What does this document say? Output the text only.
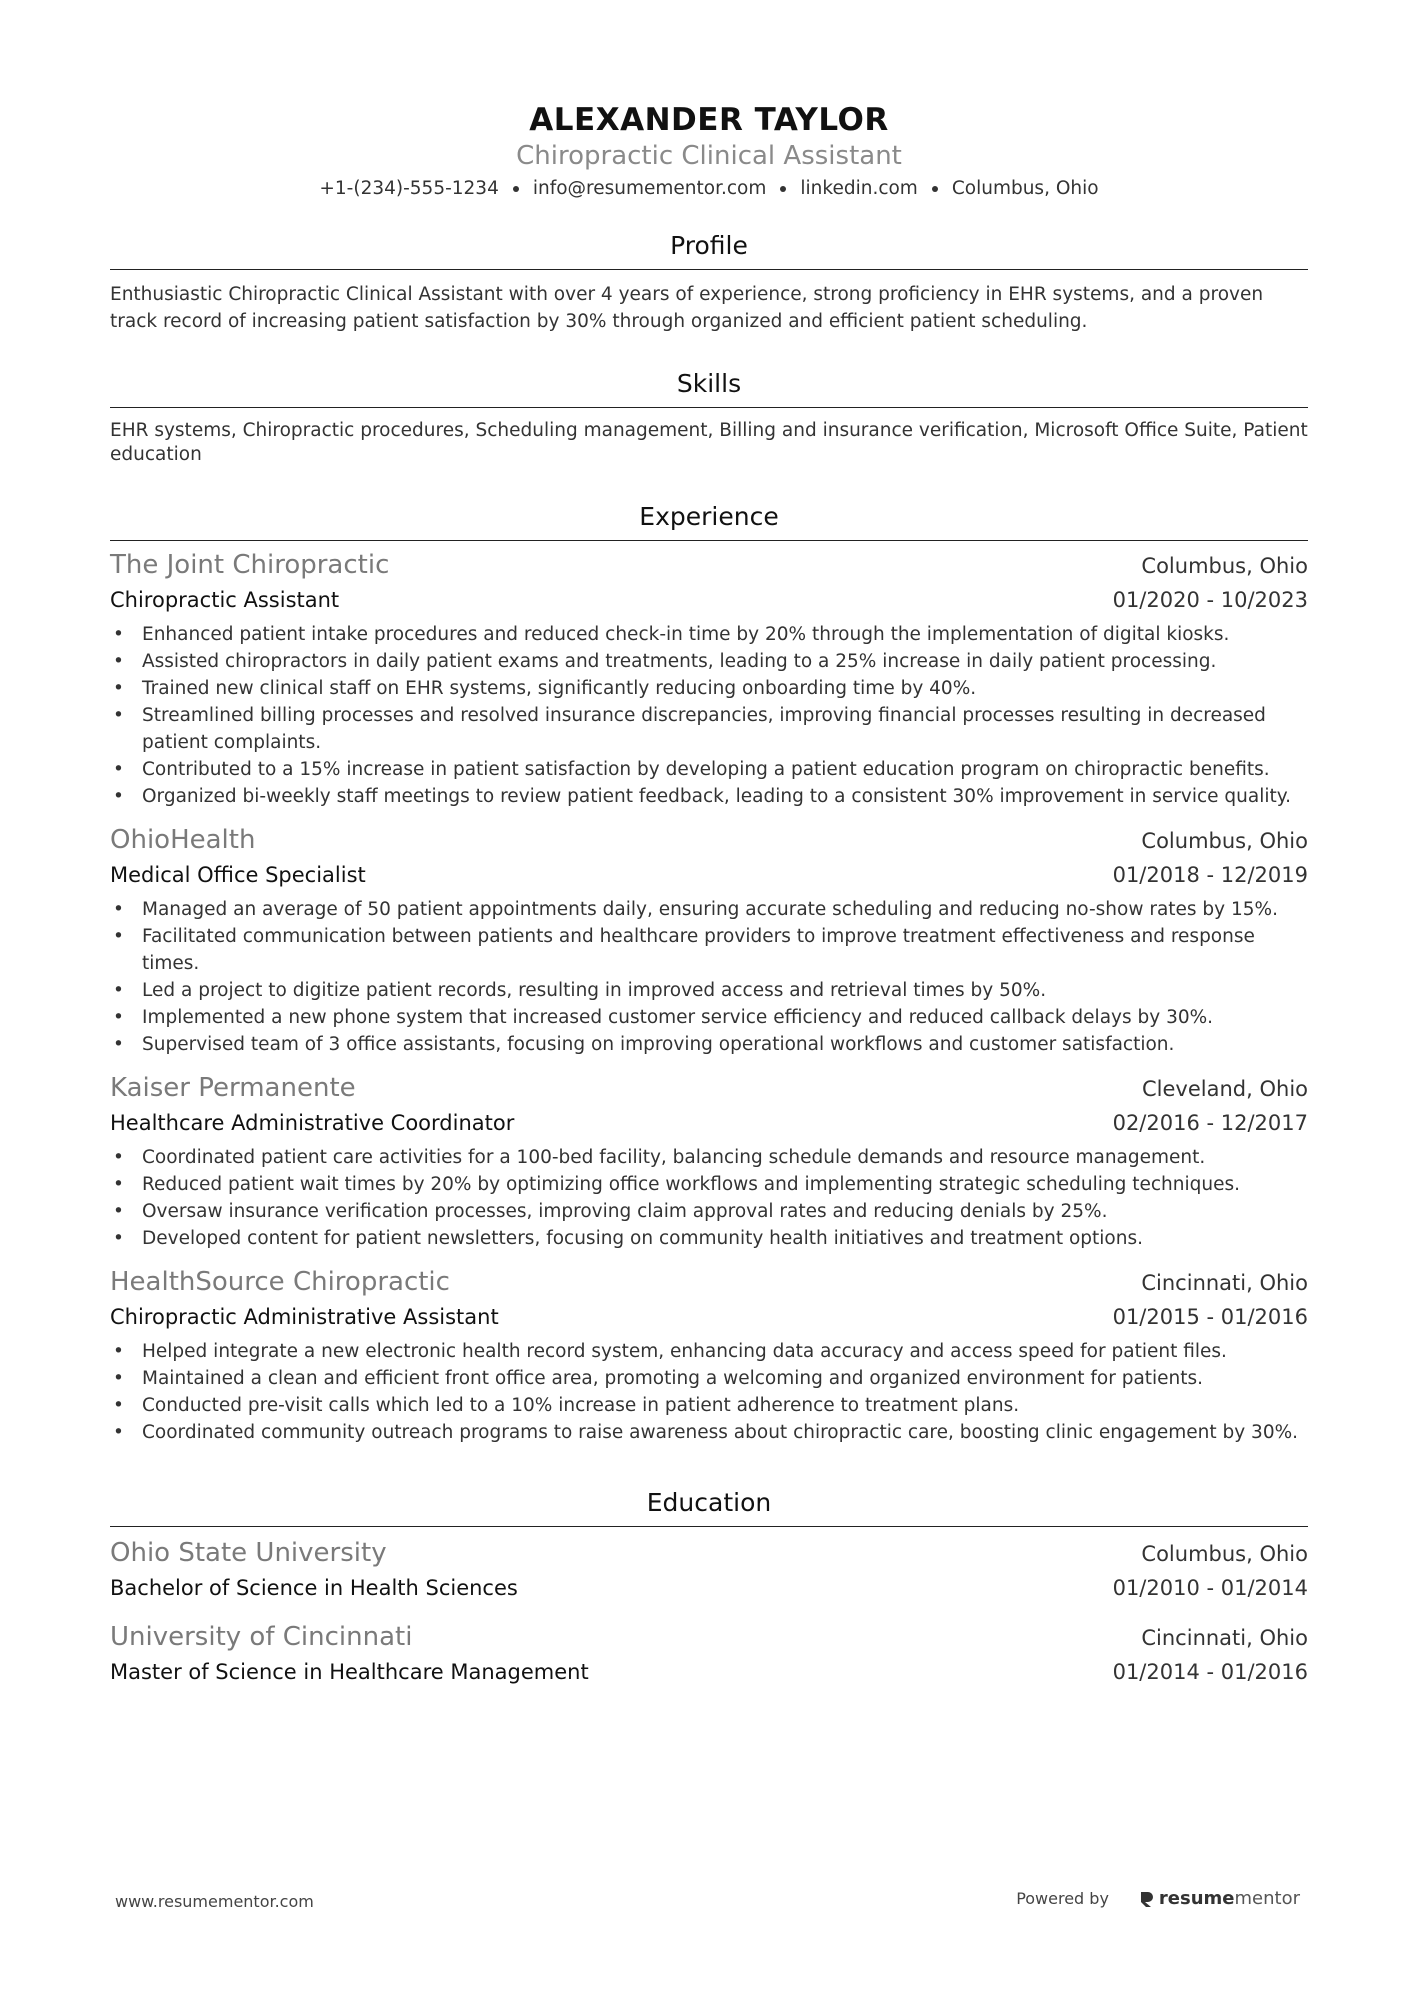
ALEXANDER TAYLOR
Chiropractic Clinical Assistant
+1-(234)-555-1234 info@resumementor.com linkedin.com Columbus, Ohio
Profile
Enthusiastic Chiropractic Clinical Assistant with over 4 years of experience, strong proficiency in EHR systems, and a proven track record of increasing patient satisfaction by 30% through organized and efficient patient scheduling.
Skills
EHR systems, Chiropractic procedures, Scheduling management, Billing and insurance verification, Microsoft Office Suite, Patient education
Experience
The Joint Chiropractic	Columbus, Ohio
Chiropractic Assistant	01/2020 - 10/2023
• Enhanced patient intake procedures and reduced check-in time by 20% through the implementation of digital kiosks.
• Assisted chiropractors in daily patient exams and treatments, leading to a 25% increase in daily patient processing.
• Trained new clinical staff on EHR systems, significantly reducing onboarding time by 40%.
• Streamlined billing processes and resolved insurance discrepancies, improving financial processes resulting in decreased patient complaints.
• Contributed to a 15% increase in patient satisfaction by developing a patient education program on chiropractic benefits.
• Organized bi-weekly staff meetings to review patient feedback, leading to a consistent 30% improvement in service quality.
OhioHealth	Columbus, Ohio
Medical Office Specialist	01/2018 - 12/2019
• Managed an average of 50 patient appointments daily, ensuring accurate scheduling and reducing no-show rates by 15%.
• Facilitated communication between patients and healthcare providers to improve treatment effectiveness and response times.
• Led a project to digitize patient records, resulting in improved access and retrieval times by 50%.
• Implemented a new phone system that increased customer service efficiency and reduced callback delays by 30%.
• Supervised team of 3 office assistants, focusing on improving operational workflows and customer satisfaction.
Kaiser Permanente	Cleveland, Ohio
Healthcare Administrative Coordinator	02/2016 - 12/2017
• Coordinated patient care activities for a 100-bed facility, balancing schedule demands and resource management.
• Reduced patient wait times by 20% by optimizing office workflows and implementing strategic scheduling techniques.
• Oversaw insurance verification processes, improving claim approval rates and reducing denials by 25%.
• Developed content for patient newsletters, focusing on community health initiatives and treatment options.
HealthSource Chiropractic	Cincinnati, Ohio
Chiropractic Administrative Assistant	01/2015 - 01/2016
• Helped integrate a new electronic health record system, enhancing data accuracy and access speed for patient files.
• Maintained a clean and efficient front office area, promoting a welcoming and organized environment for patients.
• Conducted pre-visit calls which led to a 10% increase in patient adherence to treatment plans.
• Coordinated community outreach programs to raise awareness about chiropractic care, boosting clinic engagement by 30%.
Education
Ohio State University	Columbus, Ohio
Bachelor of Science in Health Sciences	01/2010 - 01/2014
University of Cincinnati	Cincinnati, Ohio
Master of Science in Healthcare Management	01/2014 - 01/2016
www.resumementor.com	Powered by	resume mentor
